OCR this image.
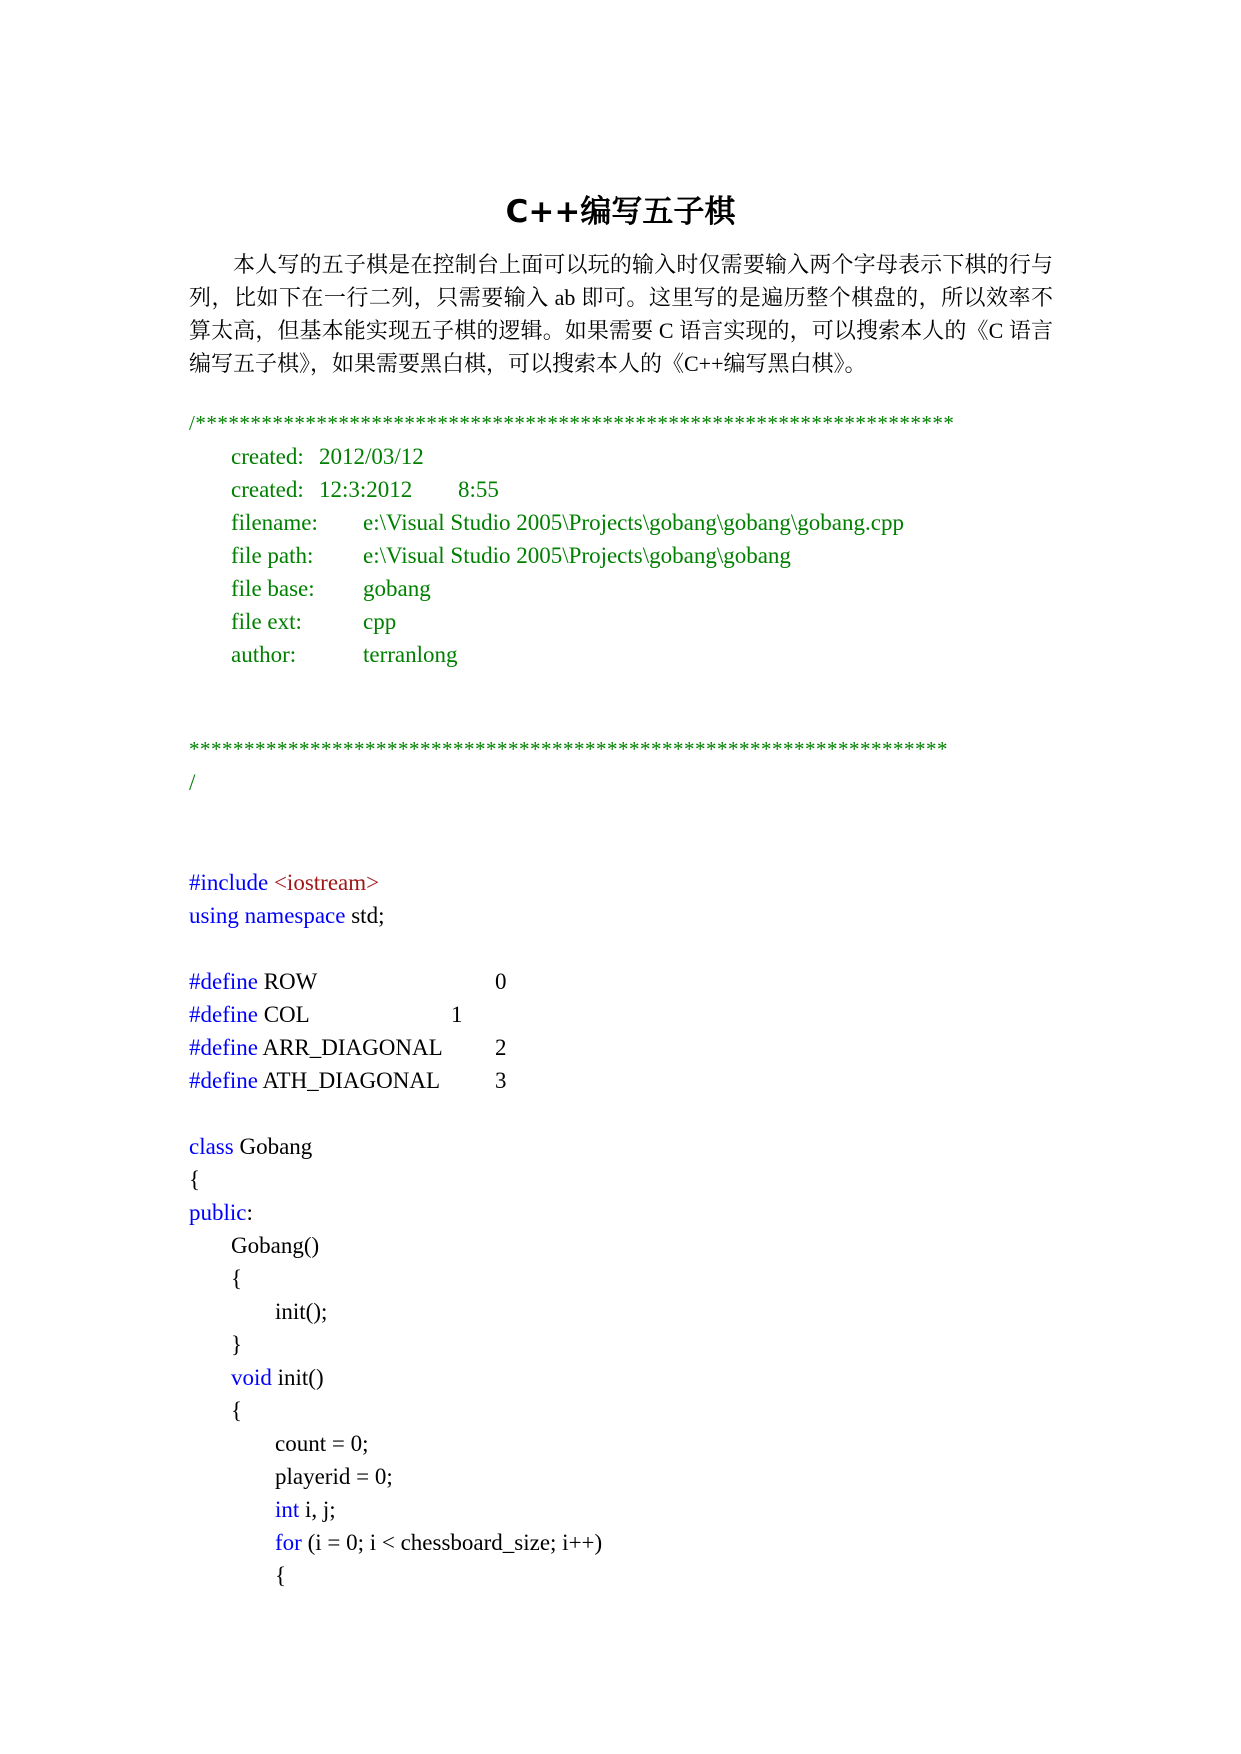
C++编写五子棋

本人写的五子棋是在控制台上面可以玩的输入时仅需要输入两个字母表示下棋的行与列，比如下在一行二列，只需要输入 ab 即可。这里写的是遍历整个棋盘的，所以效率不算太高，但基本能实现五子棋的逻辑。如果需要 C 语言实现的，可以搜索本人的《C 语言编写五子棋》，如果需要黑白棋，可以搜索本人的《C++编写黑白棋》。

/*********************************************************************
created: 2012/03/12
created: 12:3:2012 8:55
filename: e:\Visual Studio 2005\Projects\gobang\gobang\gobang.cpp
file path: e:\Visual Studio 2005\Projects\gobang\gobang
file base: gobang
file ext:	cpp
author:	terranlong
*********************************************************************
/
#include <iostream>
using namespace std;
#define ROW	0
#define COL	1
#define ARR_DIAGONAL 2
#define ATH_DIAGONAL 3
class Gobang
{
public:
Gobang()
{
init();
}
void init()
{
count = 0;
playerid = 0;
int i, j;
for (i = 0; i < chessboard_size; i++)
{
